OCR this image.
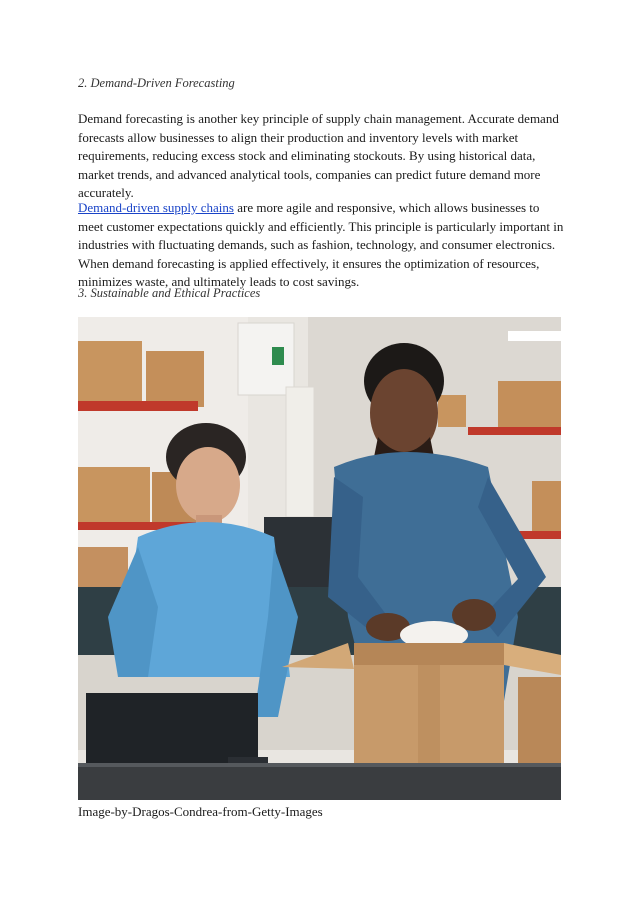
2. Demand-Driven Forecasting

Demand forecasting is another key principle of supply chain management. Accurate demand forecasts allow businesses to align their production and inventory levels with market requirements, reducing excess stock and eliminating stockouts. By using historical data, market trends, and advanced analytical tools, companies can predict future demand more accurately.

Demand-driven supply chains are more agile and responsive, which allows businesses to meet customer expectations quickly and efficiently. This principle is particularly important in industries with fluctuating demands, such as fashion, technology, and consumer electronics. When demand forecasting is applied effectively, it ensures the optimization of resources, minimizes waste, and ultimately leads to cost savings.

3. Sustainable and Ethical Practices

Image-by-Dragos-Condrea-from-Getty-Images
